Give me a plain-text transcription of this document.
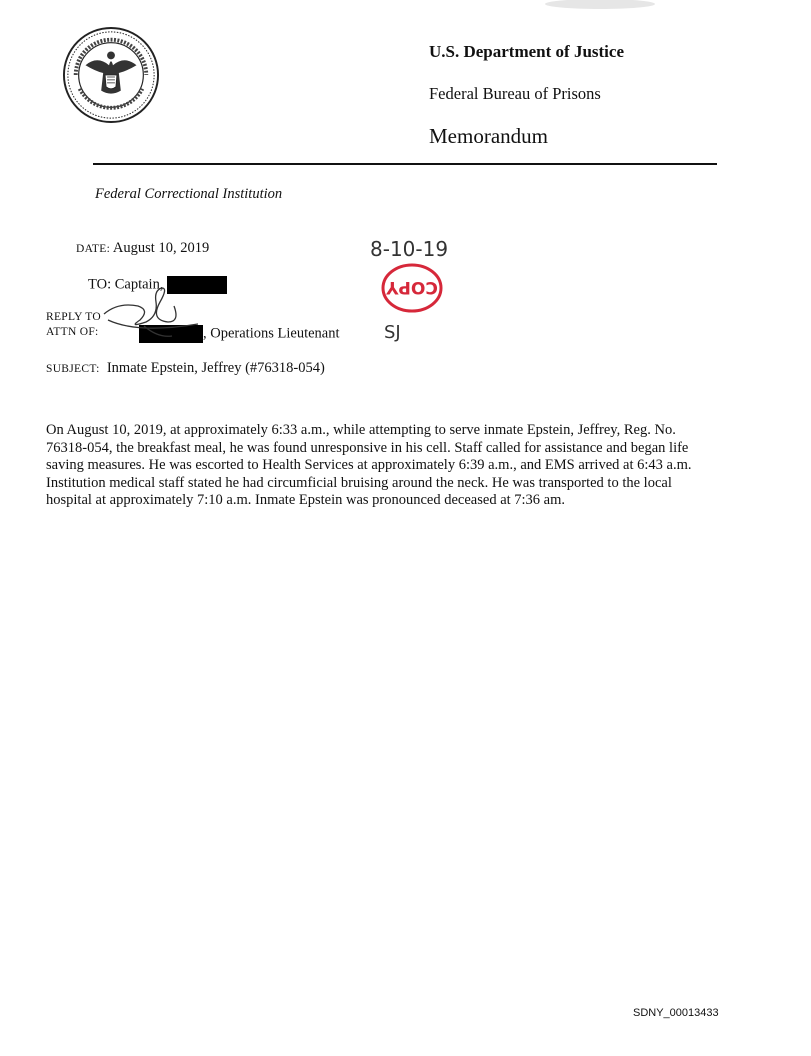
U.S. Department of Justice
Federal Bureau of Prisons
Memorandum
Federal Correctional Institution
DATE: August 10, 2019
TO: Captain,
REPLY TO
ATTN OF:	, Operations Lieutenant
SUBJECT: Inmate Epstein, Jeffrey (#76318-054)
8-10-19
COPY
SJ
On August 10, 2019, at approximately 6:33 a.m., while attempting to serve inmate Epstein, Jeffrey, Reg. No.
76318-054, the breakfast meal, he was found unresponsive in his cell. Staff called for assistance and began life
saving measures. He was escorted to Health Services at approximately 6:39 a.m., and EMS arrived at 6:43 a.m.
Institution medical staff stated he had circumficial bruising around the neck. He was transported to the local
hospital at approximately 7:10 a.m. Inmate Epstein was pronounced deceased at 7:36 am.
SDNY_00013433
